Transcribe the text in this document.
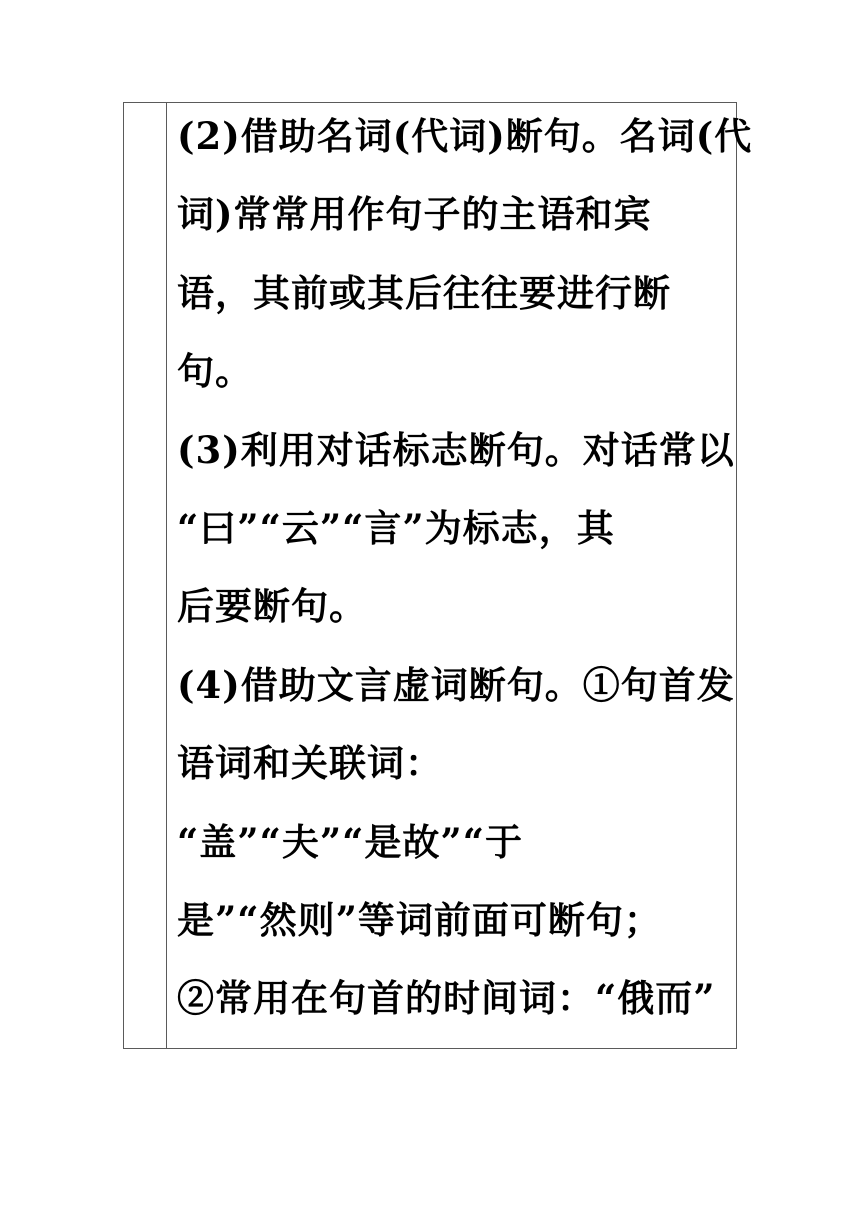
(2)借助名词(代词)断句。名词(代
词)常常用作句子的主语和宾
语，其前或其后往往要进行断
句。
(3)利用对话标志断句。对话常以
“曰”“云”“言”为标志，其
后要断句。
(4)借助文言虚词断句。①句首发
语词和关联词：
“盖”“夫”“是故”“于
是”“然则”等词前面可断句；
②常用在句首的时间词：“俄而”
